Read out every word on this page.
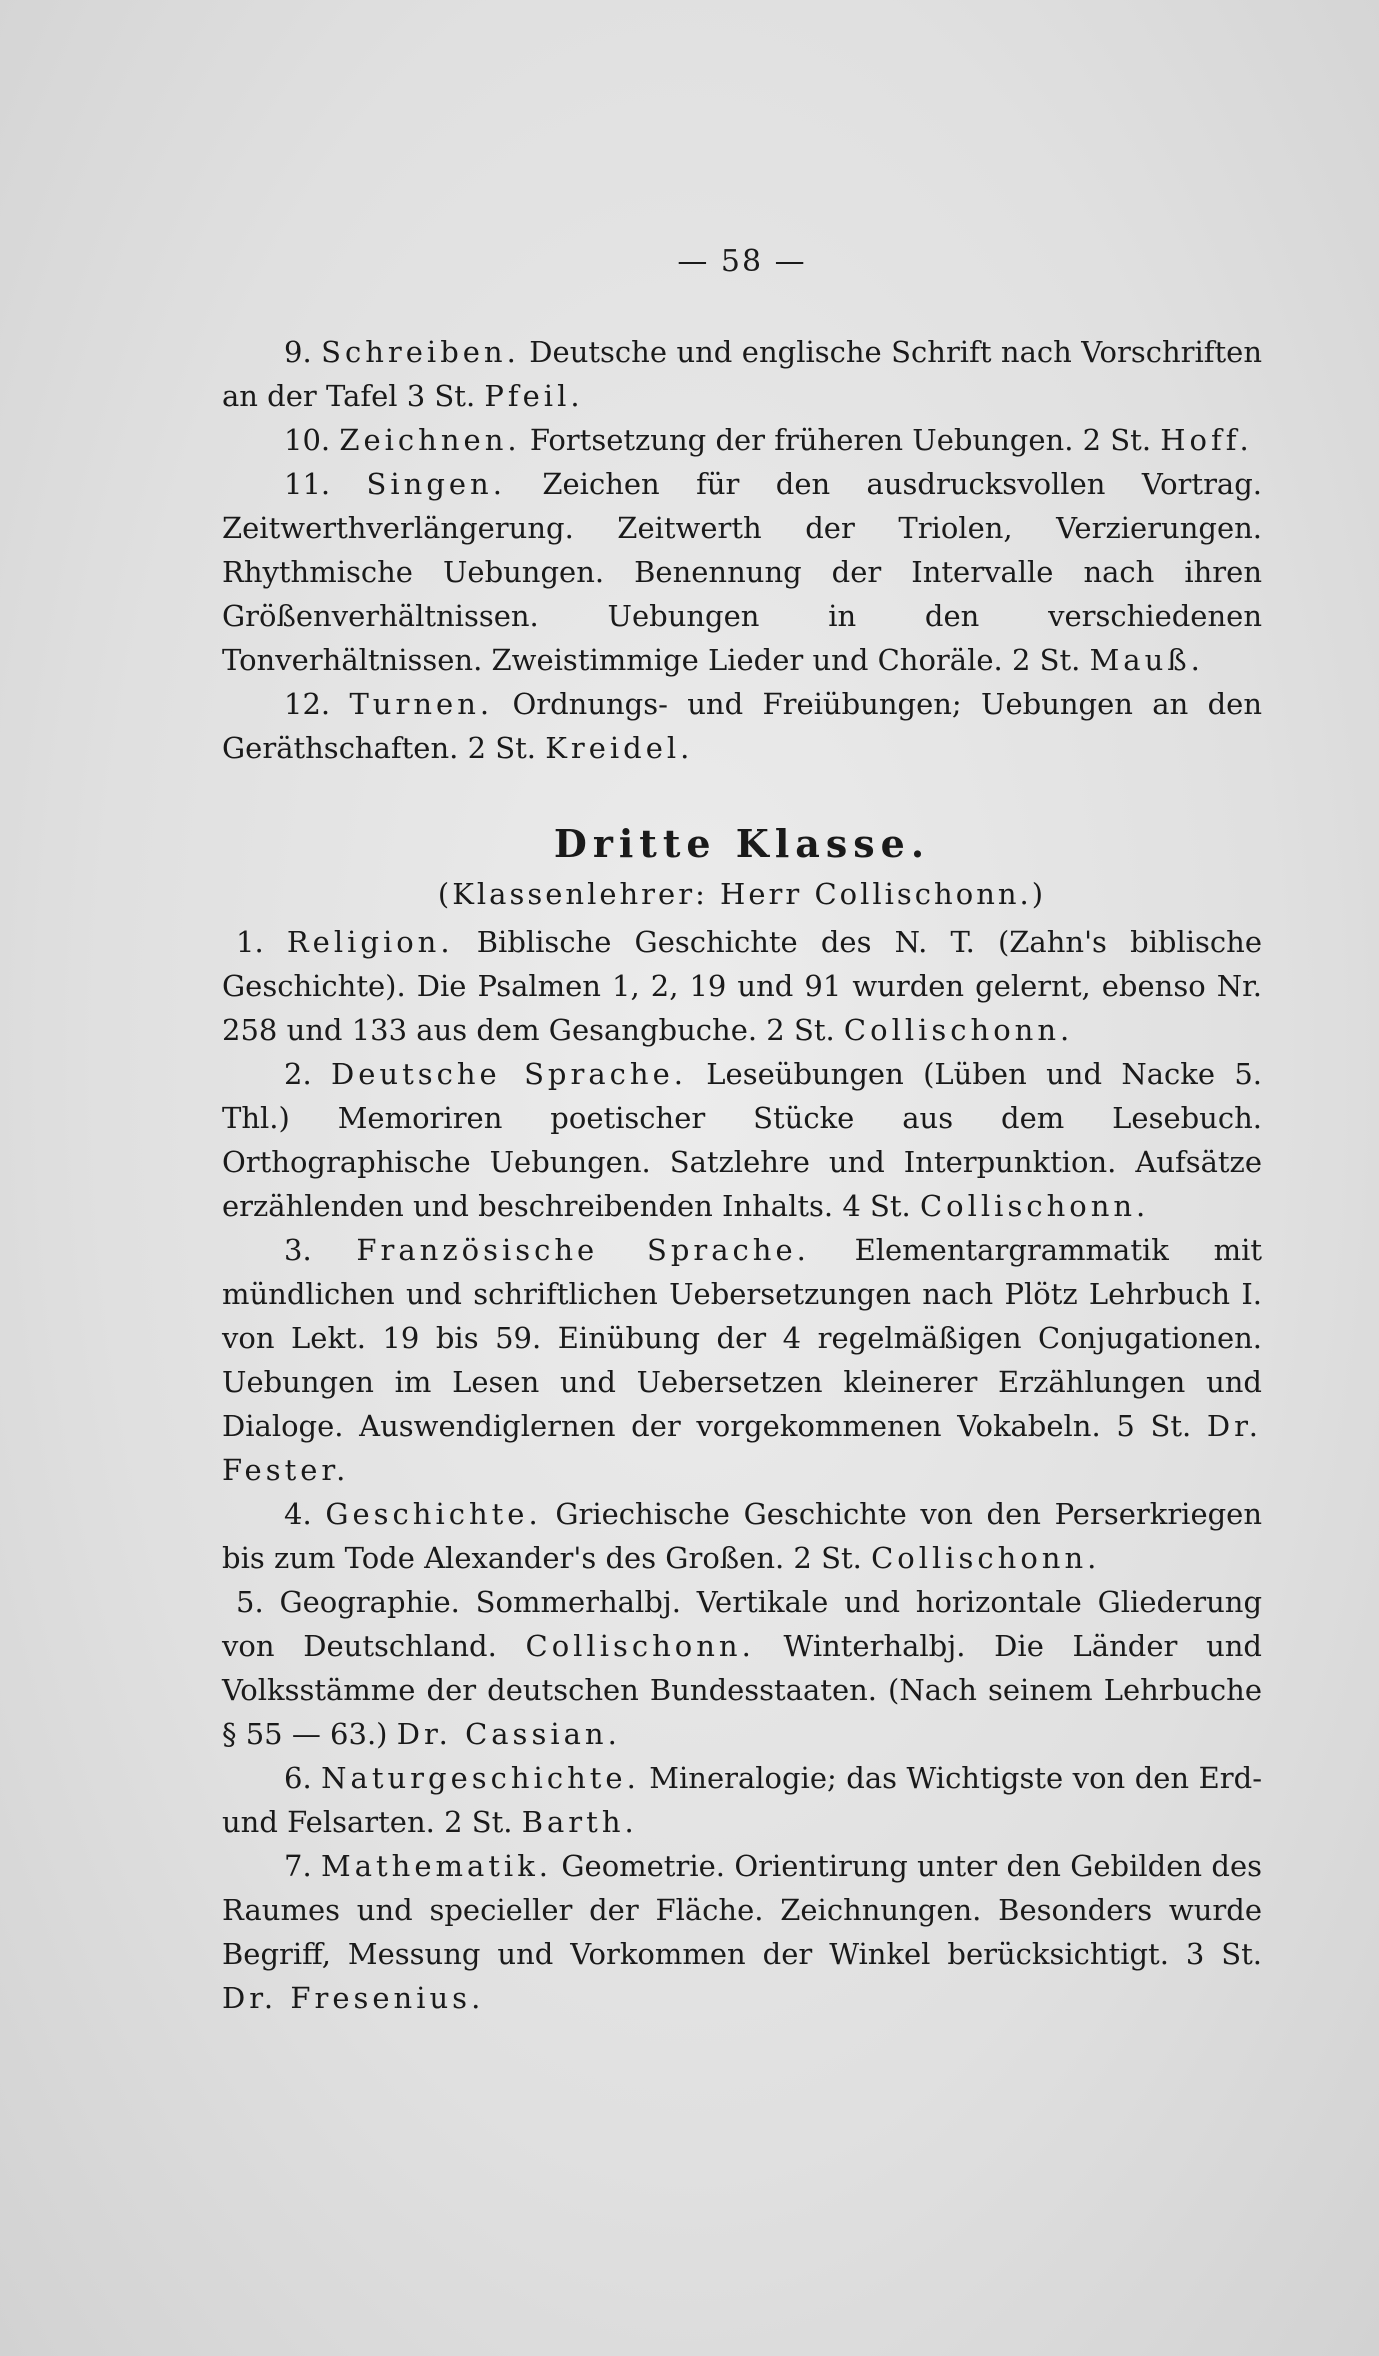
— 58 —

9. Schreiben. Deutsche und englische Schrift nach Vorschriften an der Tafel 3 St. Pfeil.

10. Zeichnen. Fortsetzung der früheren Uebungen. 2 St. Hoff.

11. Singen. Zeichen für den ausdrucksvollen Vortrag. Zeitwerthverlängerung. Zeitwerth der Triolen, Verzierungen. Rhythmische Uebungen. Benennung der Intervalle nach ihren Größenverhältnissen. Uebungen in den verschiedenen Tonverhältnissen. Zweistimmige Lieder und Choräle. 2 St. Mauß.

12. Turnen. Ordnungs- und Freiübungen; Uebungen an den Geräthschaften. 2 St. Kreidel.

Dritte Klasse.
(Klassenlehrer: Herr Collischonn.)

1. Religion. Biblische Geschichte des N. T. (Zahn's biblische Geschichte). Die Psalmen 1, 2, 19 und 91 wurden gelernt, ebenso Nr. 258 und 133 aus dem Gesangbuche. 2 St. Collischonn.

2. Deutsche Sprache. Leseübungen (Lüben und Nacke 5. Thl.) Memoriren poetischer Stücke aus dem Lesebuch. Orthographische Uebungen. Satzlehre und Interpunktion. Aufsätze erzählenden und beschreibenden Inhalts. 4 St. Collischonn.

3. Französische Sprache. Elementargrammatik mit mündlichen und schriftlichen Uebersetzungen nach Plötz Lehrbuch I. von Lekt. 19 bis 59. Einübung der 4 regelmäßigen Conjugationen. Uebungen im Lesen und Uebersetzen kleinerer Erzählungen und Dialoge. Auswendiglernen der vorgekommenen Vokabeln. 5 St. Dr. Fester.

4. Geschichte. Griechische Geschichte von den Perserkriegen bis zum Tode Alexander's des Großen. 2 St. Collischonn.

5. Geographie. Sommerhalbj. Vertikale und horizontale Gliederung von Deutschland. Collischonn. Winterhalbj. Die Länder und Volksstämme der deutschen Bundesstaaten. (Nach seinem Lehrbuche § 55 — 63.) Dr. Cassian.

6. Naturgeschichte. Mineralogie; das Wichtigste von den Erd- und Felsarten. 2 St. Barth.

7. Mathematik. Geometrie. Orientirung unter den Gebilden des Raumes und specieller der Fläche. Zeichnungen. Besonders wurde Begriff, Messung und Vorkommen der Winkel berücksichtigt. 3 St. Dr. Fresenius.
